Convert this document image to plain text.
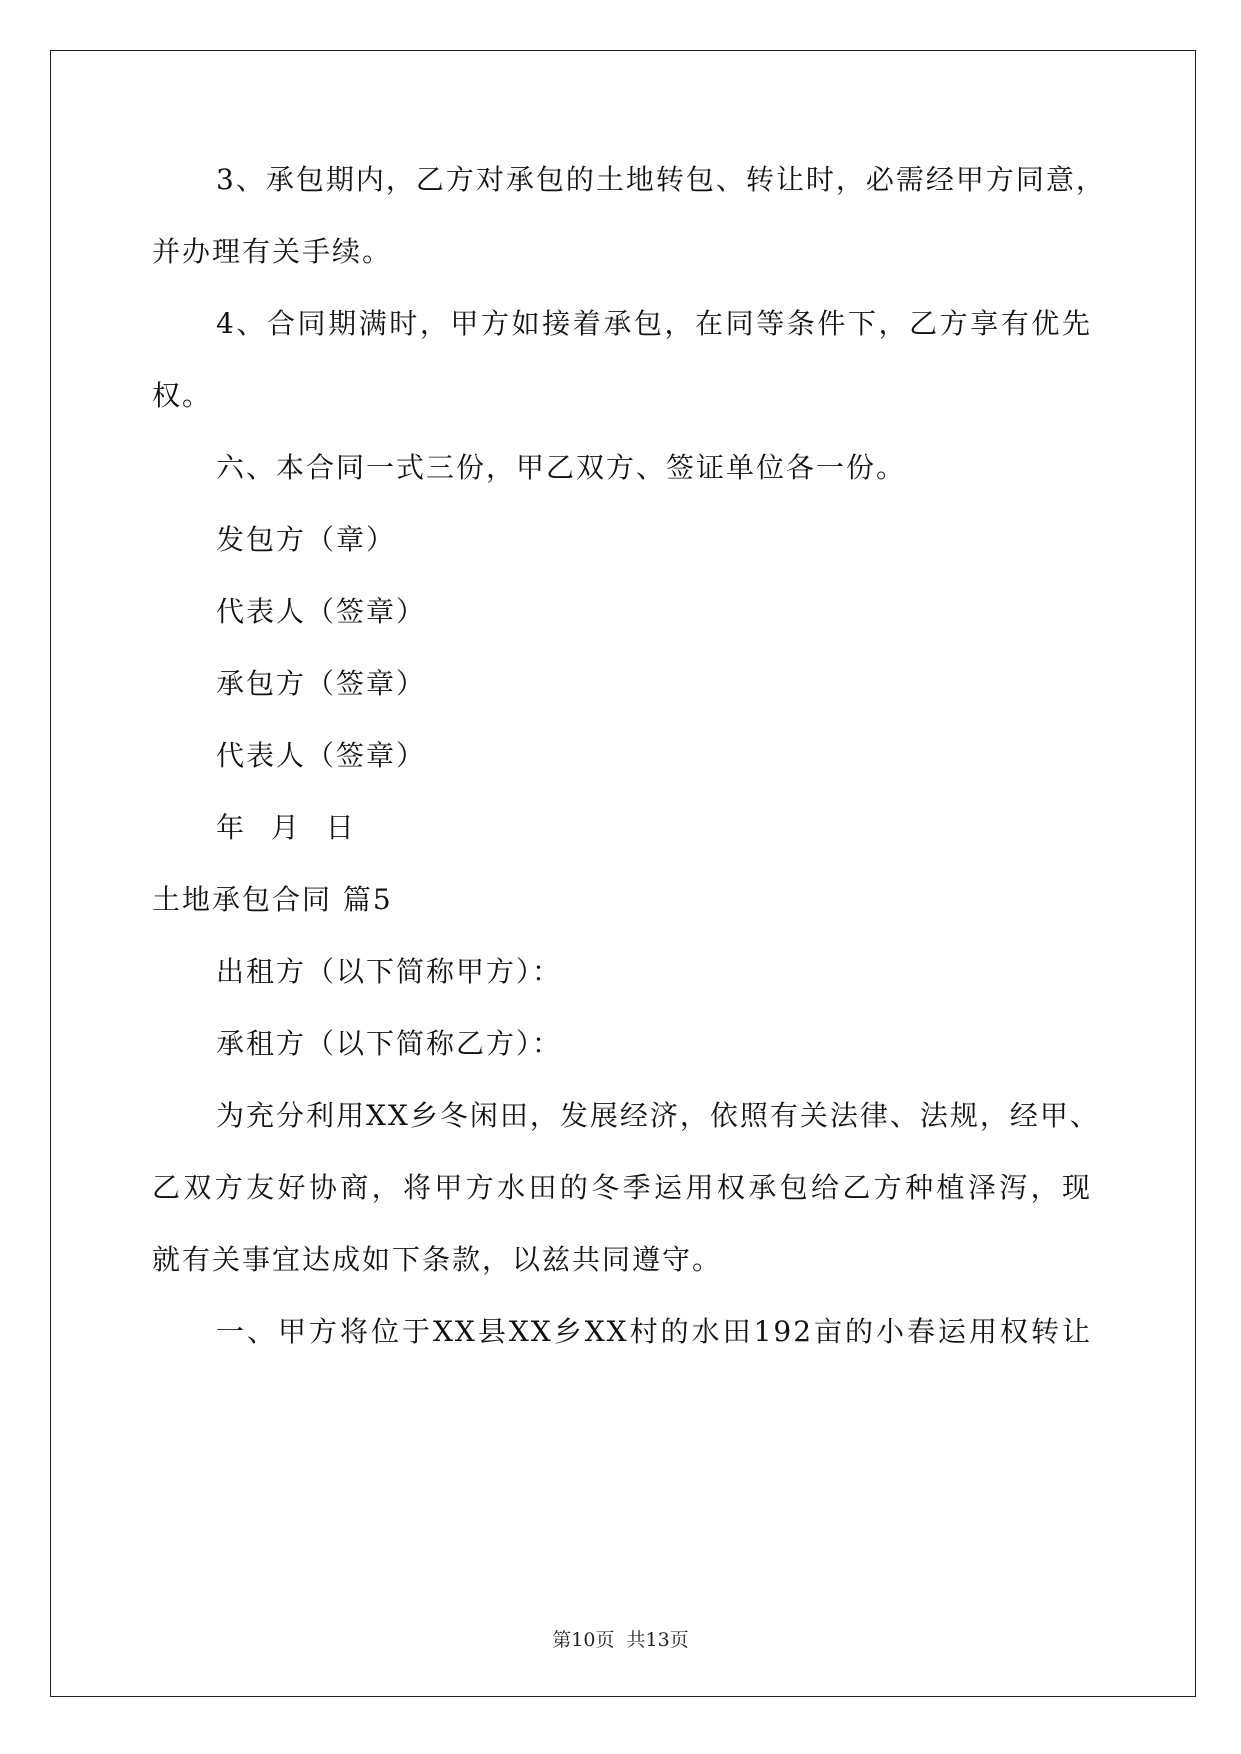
3、承包期内，乙方对承包的土地转包、转让时，必需经甲方同意，
并办理有关手续。
4、合同期满时，甲方如接着承包，在同等条件下，乙方享有优先
权。
六、本合同一式三份，甲乙双方、签证单位各一份。
发包方（章）
代表人（签章）
承包方（签章）
代表人（签章）
年 月 日
土地承包合同 篇5
出租方（以下简称甲方）：
承租方（以下简称乙方）：
为充分利用XX乡冬闲田，发展经济，依照有关法律、法规，经甲、
乙双方友好协商，将甲方水田的冬季运用权承包给乙方种植泽泻，现
就有关事宜达成如下条款，以兹共同遵守。
一、甲方将位于XX县XX乡XX村的水田192亩的小春运用权转让
第10页  共13页
